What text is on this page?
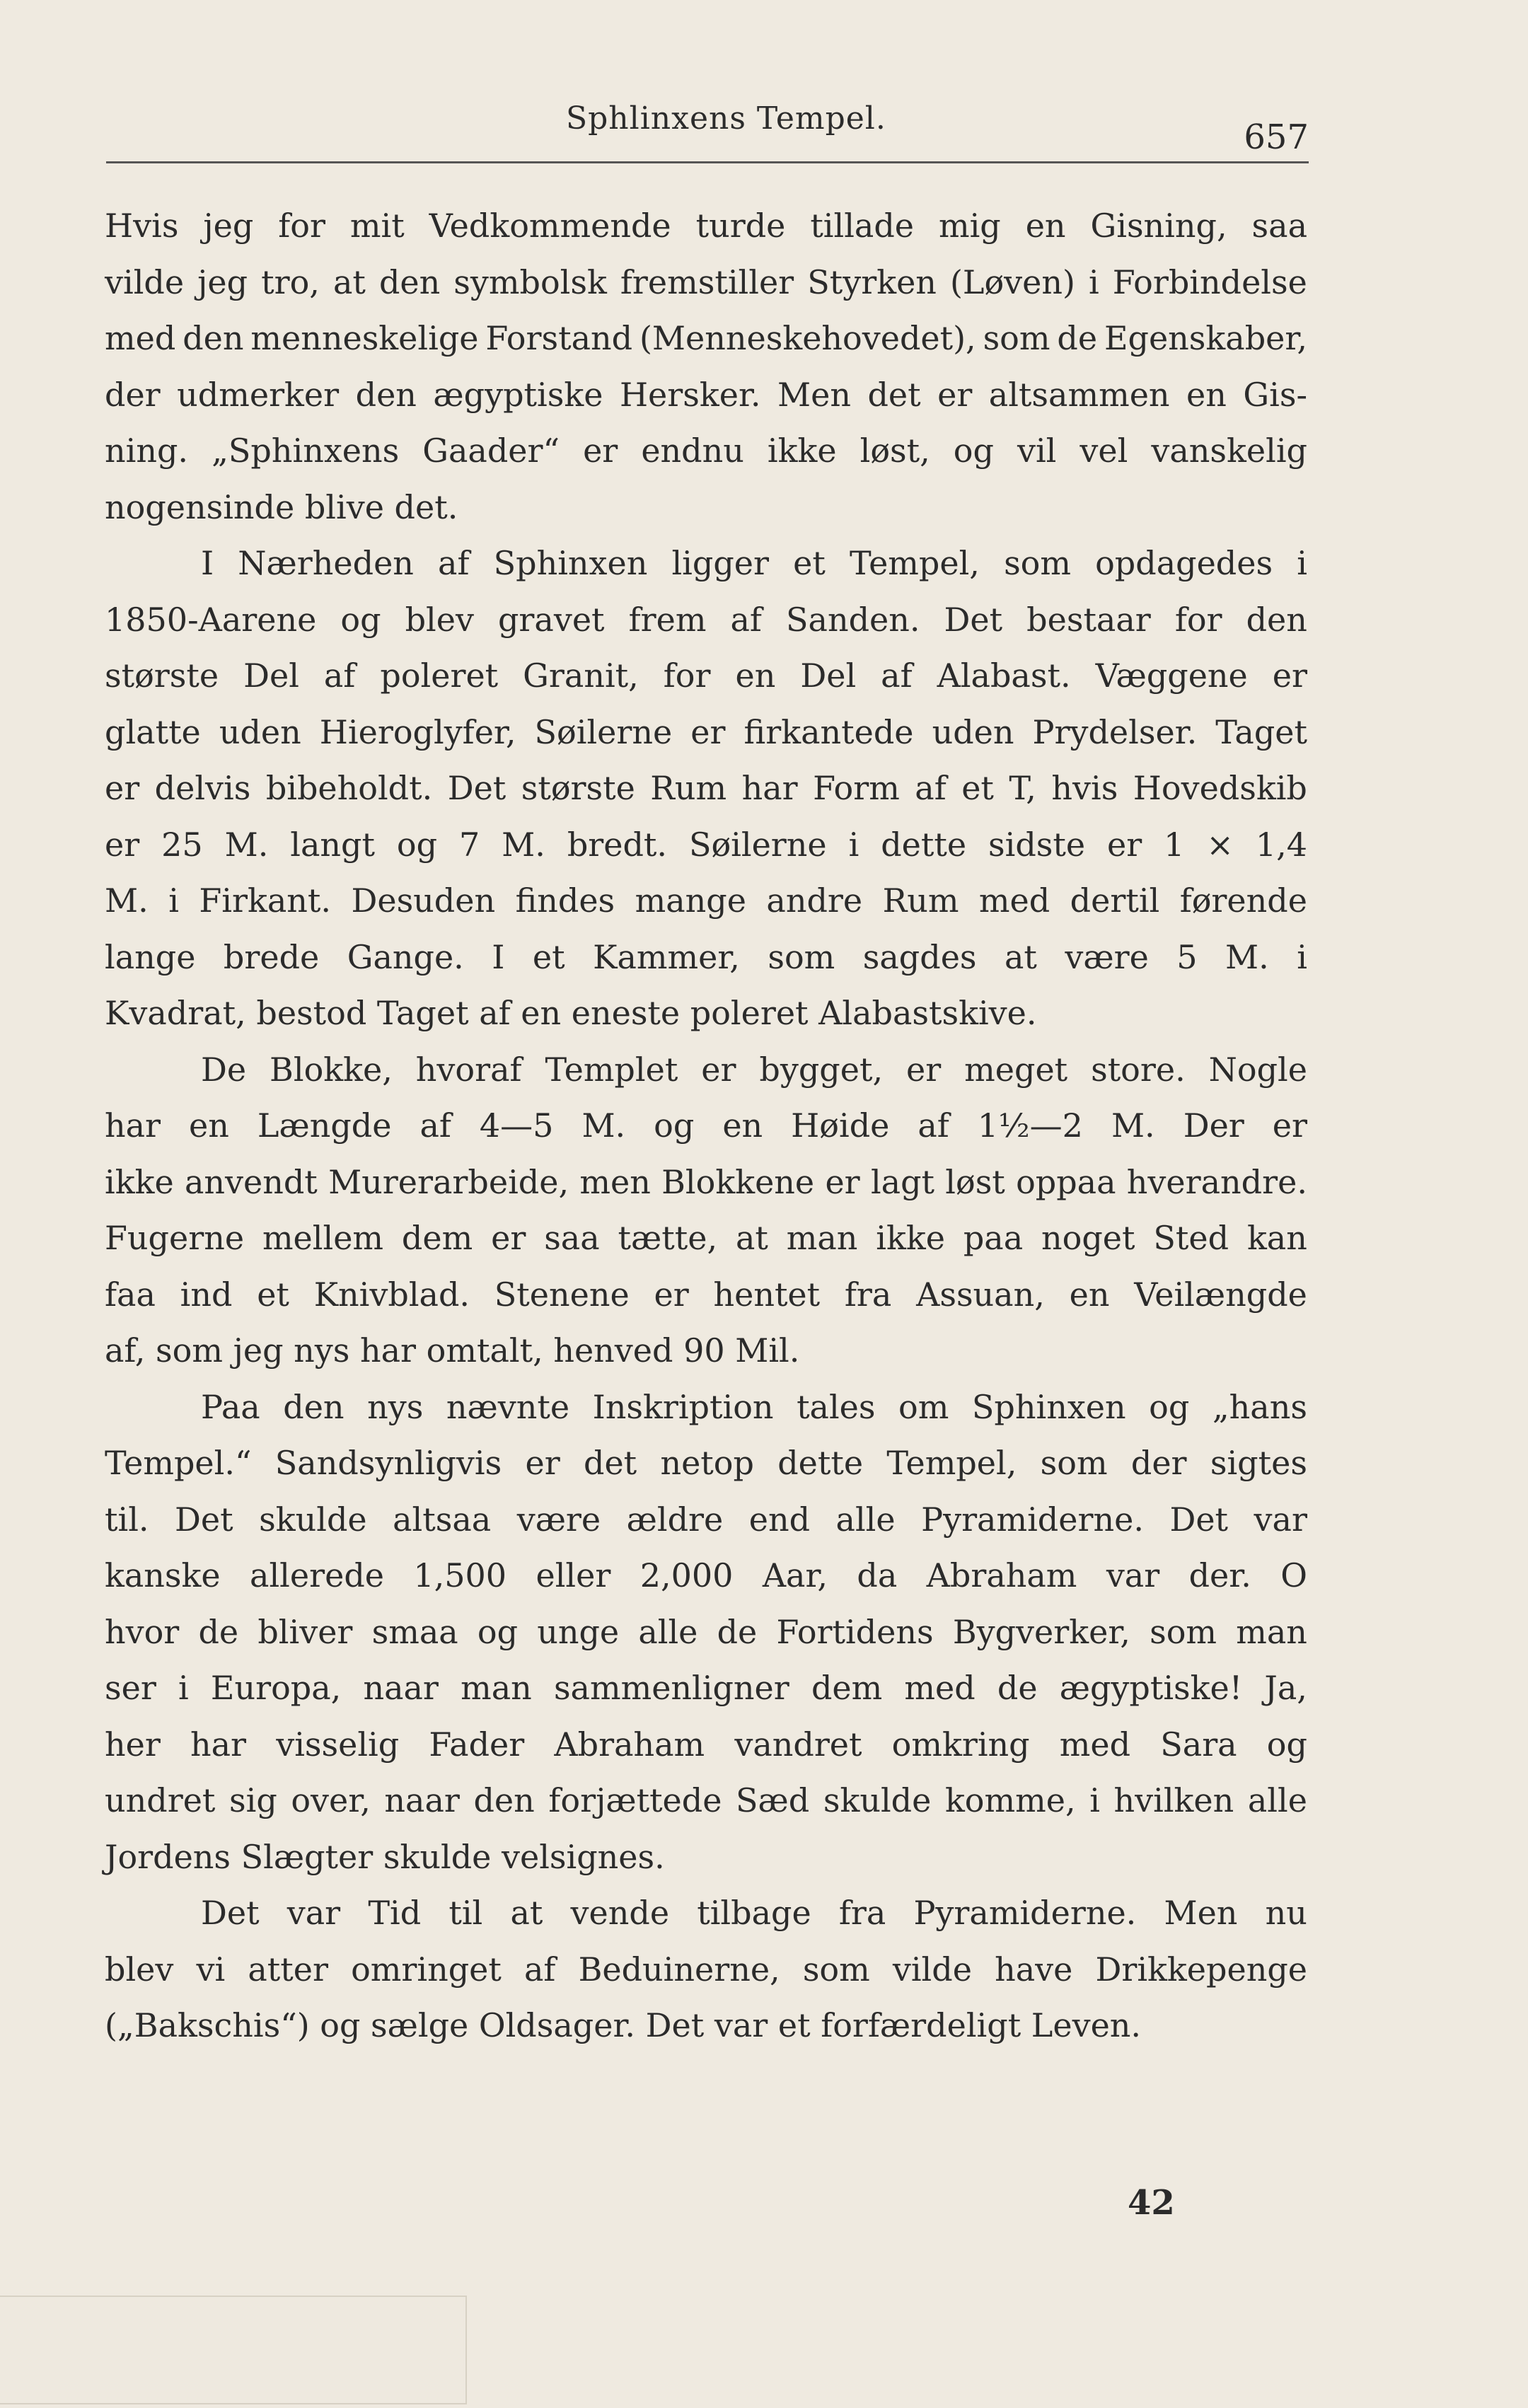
Sphlinxens Tempel.	657
Hvis jeg for mit Vedkommende turde tillade mig en Gisning, saa
vilde jeg tro, at den symbolsk fremstiller Styrken (Løven) i Forbindelse
med den menneskelige Forstand (Menneskehovedet), som de Egenskaber,
der udmerker den ægyptiske Hersker. Men det er altsammen en Gis-
ning. „Sphinxens Gaader“ er endnu ikke løst, og vil vel vanskelig
nogensinde blive det.
I Nærheden af Sphinxen ligger et Tempel, som opdagedes i
1850-Aarene og blev gravet frem af Sanden. Det bestaar for den
største Del af poleret Granit, for en Del af Alabast. Væggene er
glatte uden Hieroglyfer, Søilerne er firkantede uden Prydelser. Taget
er delvis bibeholdt. Det største Rum har Form af et T, hvis Hovedskib
er 25 M. langt og 7 M. bredt. Søilerne i dette sidste er 1 × 1,4
M. i Firkant. Desuden findes mange andre Rum med dertil førende
lange brede Gange. I et Kammer, som sagdes at være 5 M. i
Kvadrat, bestod Taget af en eneste poleret Alabastskive.
De Blokke, hvoraf Templet er bygget, er meget store. Nogle
har en Længde af 4—5 M. og en Høide af 1½—2 M. Der er
ikke anvendt Murerarbeide, men Blokkene er lagt løst oppaa hverandre.
Fugerne mellem dem er saa tætte, at man ikke paa noget Sted kan
faa ind et Knivblad. Stenene er hentet fra Assuan, en Veilængde
af, som jeg nys har omtalt, henved 90 Mil.
Paa den nys nævnte Inskription tales om Sphinxen og „hans
Tempel.“ Sandsynligvis er det netop dette Tempel, som der sigtes
til. Det skulde altsaa være ældre end alle Pyramiderne. Det var
kanske allerede 1,500 eller 2,000 Aar, da Abraham var der. O
hvor de bliver smaa og unge alle de Fortidens Bygverker, som man
ser i Europa, naar man sammenligner dem med de ægyptiske! Ja,
her har visselig Fader Abraham vandret omkring med Sara og
undret sig over, naar den forjættede Sæd skulde komme, i hvilken alle
Jordens Slægter skulde velsignes.
Det var Tid til at vende tilbage fra Pyramiderne. Men nu
blev vi atter omringet af Beduinerne, som vilde have Drikkepenge
(„Bakschis“) og sælge Oldsager. Det var et forfærdeligt Leven.
42
